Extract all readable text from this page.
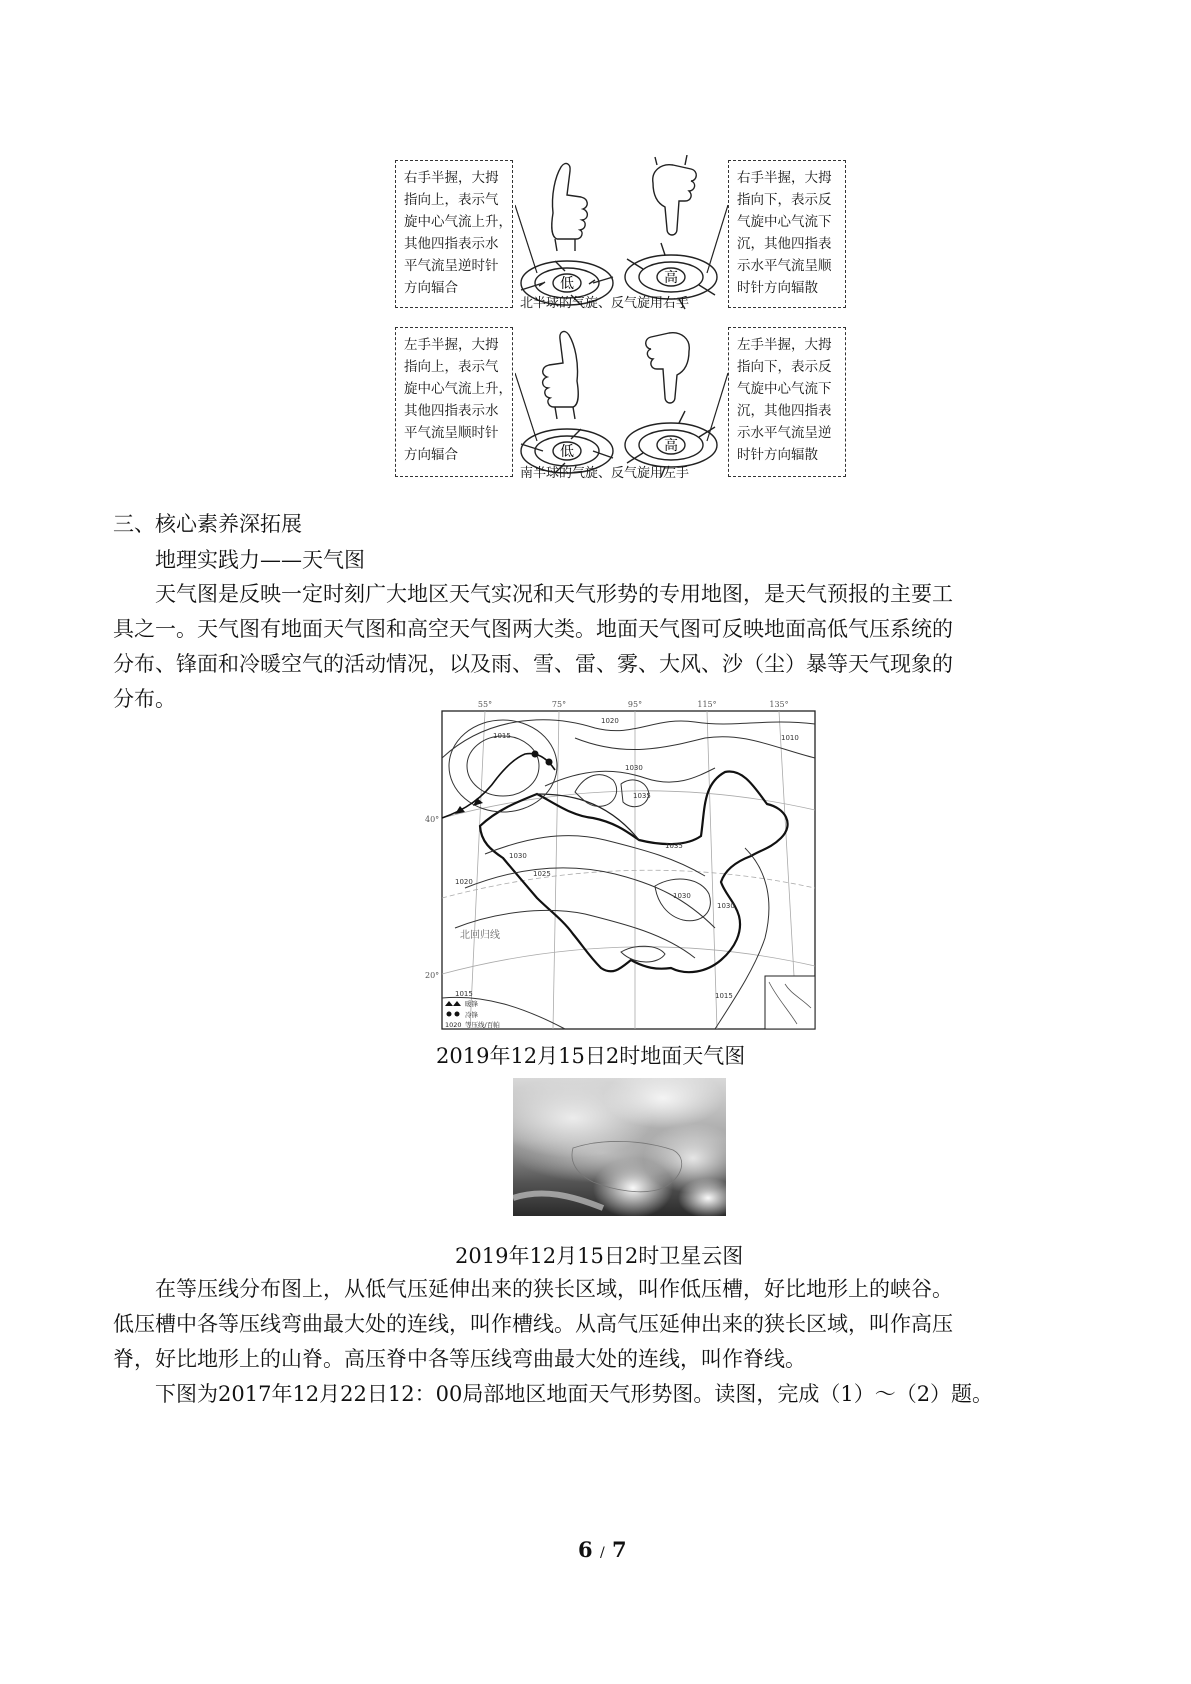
右手半握，大拇
指向上，表示气
旋中心气流上升，
其他四指表示水
平气流呈逆时针
方向辐合
右手半握，大拇
指向下，表示反
气旋中心气流下
沉，其他四指表
示水平气流呈顺
时针方向辐散
低	高
北半球的气旋、反气旋用右手
左手半握，大拇
指向上，表示气
旋中心气流上升，
其他四指表示水
平气流呈顺时针
方向辐合
左手半握，大拇
指向下，表示反
气旋中心气流下
沉，其他四指表
示水平气流呈逆
时针方向辐散
低	高
南半球的气旋、反气旋用左手
三、核心素养深拓展
地理实践力——天气图
天气图是反映一定时刻广大地区天气实况和天气形势的专用地图，是天气预报的主要工
具之一。天气图有地面天气图和高空天气图两大类。地面天气图可反映地面高低气压系统的
分布、锋面和冷暖空气的活动情况，以及雨、雪、雷、雾、大风、沙（尘）暴等天气现象的
分布。	55°	75°	95°	115°	135°
40°
20°
1015
1020
1010
1030
1035
1035
1030
1020
1025
1030
1030
1015	1015
北回归线
暖锋
冷锋
1020 等压线/百帕
2019年12月15日2时地面天气图
2019年12月15日2时卫星云图
在等压线分布图上，从低气压延伸出来的狭长区域，叫作低压槽，好比地形上的峡谷。
低压槽中各等压线弯曲最大处的连线，叫作槽线。从高气压延伸出来的狭长区域，叫作高压
脊，好比地形上的山脊。高压脊中各等压线弯曲最大处的连线，叫作脊线。
下图为2017年12月22日12：00局部地区地面天气形势图。读图，完成（1）～（2）题。
6 / 7
